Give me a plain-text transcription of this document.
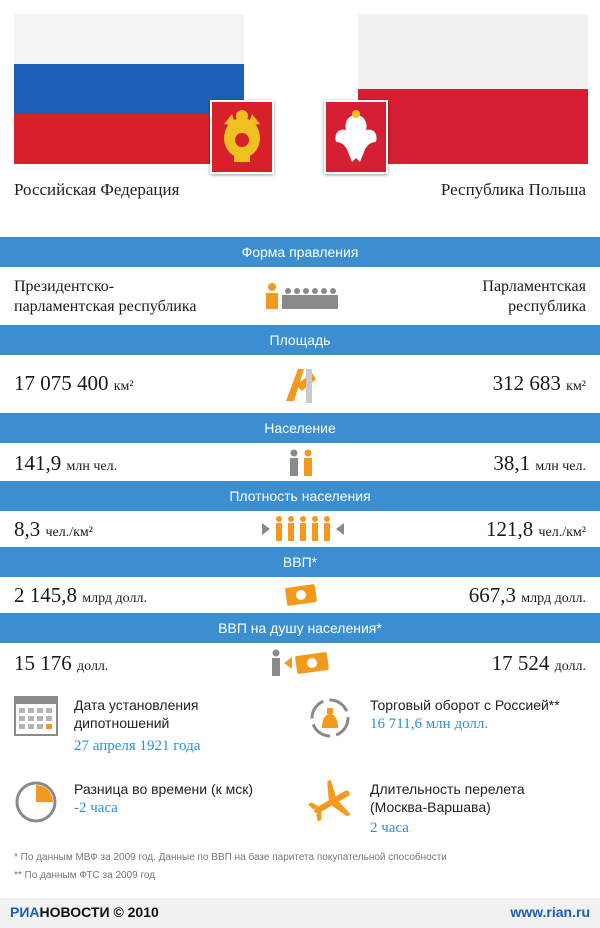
Российская Федерация	Республика Польша
Форма правления
Президентско-
парламентская республика
Парламентская
республика
Площадь
17 075 400 км²	312 683 км²
Население
141,9 млн чел.	38,1 млн чел.
Плотность населения
8,3 чел./км²	121,8 чел./км²
ВВП*
2 145,8 млрд долл.	667,3 млрд долл.
ВВП на душу населения*
15 176 долл.	17 524 долл.
Дата установления
дипотношений
27 апреля 1921 года
Торговый оборот с Россией**
16 711,6 млн долл.
Разница во времени (к мск)
-2 часа
Длительность перелета
(Москва-Варшава)
2 часа
* По данным МВФ за 2009 год. Данные по ВВП на базе паритета покупательной способности
** По данным ФТС за 2009 год
РИАНОВОСТИ © 2010	www.rian.ru
